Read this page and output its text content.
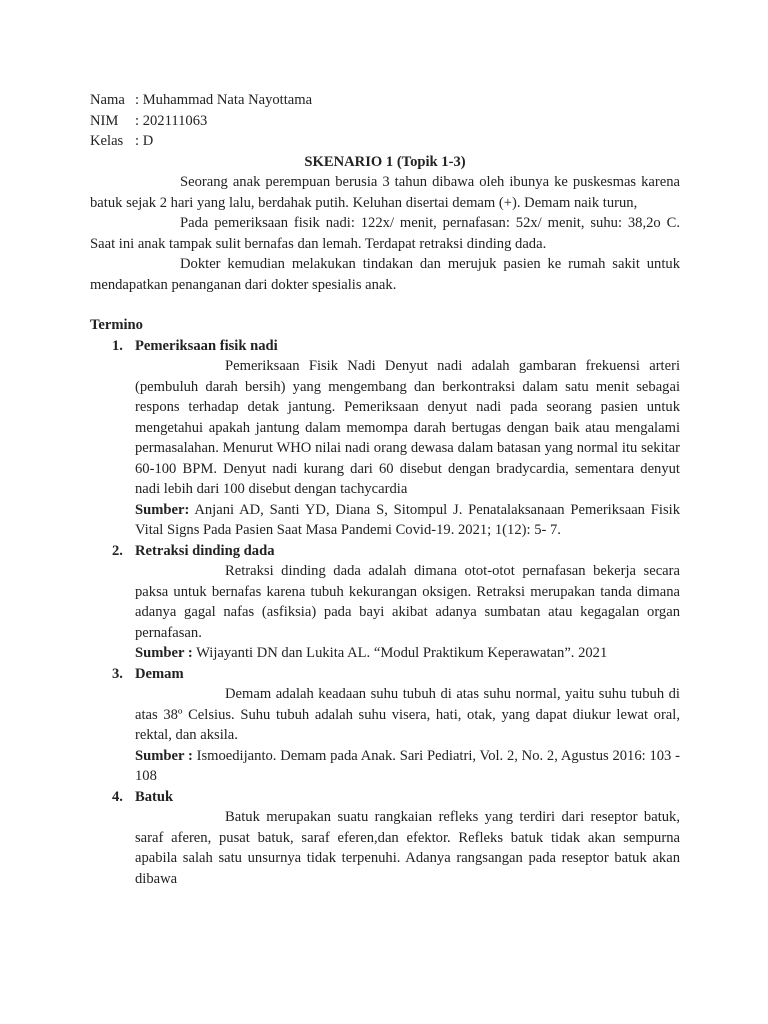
Nama : Muhammad Nata Nayottama
NIM	: 202111063
Kelas : D

SKENARIO 1 (Topik 1-3)

Seorang anak perempuan berusia 3 tahun dibawa oleh ibunya ke puskesmas karena batuk sejak 2 hari yang lalu, berdahak putih. Keluhan disertai demam (+). Demam naik turun,

Pada pemeriksaan fisik nadi: 122x/ menit, pernafasan: 52x/ menit, suhu: 38,2o C. Saat ini anak tampak sulit bernafas dan lemah. Terdapat retraksi dinding dada.

Dokter kemudian melakukan tindakan dan merujuk pasien ke rumah sakit untuk mendapatkan penanganan dari dokter spesialis anak.

Termino
1. Pemeriksaan fisik nadi

Pemeriksaan Fisik Nadi Denyut nadi adalah gambaran frekuensi arteri (pembuluh darah bersih) yang mengembang dan berkontraksi dalam satu menit sebagai respons terhadap detak jantung. Pemeriksaan denyut nadi pada seorang pasien untuk mengetahui apakah jantung dalam memompa darah bertugas dengan baik atau mengalami permasalahan. Menurut WHO nilai nadi orang dewasa dalam batasan yang normal itu sekitar 60-100 BPM. Denyut nadi kurang dari 60 disebut dengan bradycardia, sementara denyut nadi lebih dari 100 disebut dengan tachycardia

Sumber: Anjani AD, Santi YD, Diana S, Sitompul J. Penatalaksanaan Pemeriksaan Fisik Vital Signs Pada Pasien Saat Masa Pandemi Covid-19. 2021; 1(12): 5- 7.

2. Retraksi dinding dada

Retraksi dinding dada adalah dimana otot-otot pernafasan bekerja secara paksa untuk bernafas karena tubuh kekurangan oksigen. Retraksi merupakan tanda dimana adanya gagal nafas (asfiksia) pada bayi akibat adanya sumbatan atau kegagalan organ pernafasan.

Sumber : Wijayanti DN dan Lukita AL. “Modul Praktikum Keperawatan”. 2021

3. Demam

Demam adalah keadaan suhu tubuh di atas suhu normal, yaitu suhu tubuh di atas 38º Celsius. Suhu tubuh adalah suhu visera, hati, otak, yang dapat diukur lewat oral, rektal, dan aksila.

Sumber : Ismoedijanto. Demam pada Anak. Sari Pediatri, Vol. 2, No. 2, Agustus 2016: 103 - 108

4. Batuk

Batuk merupakan suatu rangkaian refleks yang terdiri dari reseptor batuk, saraf aferen, pusat batuk, saraf eferen,dan efektor. Refleks batuk tidak akan sempurna apabila salah satu unsurnya tidak terpenuhi. Adanya rangsangan pada reseptor batuk akan dibawa
